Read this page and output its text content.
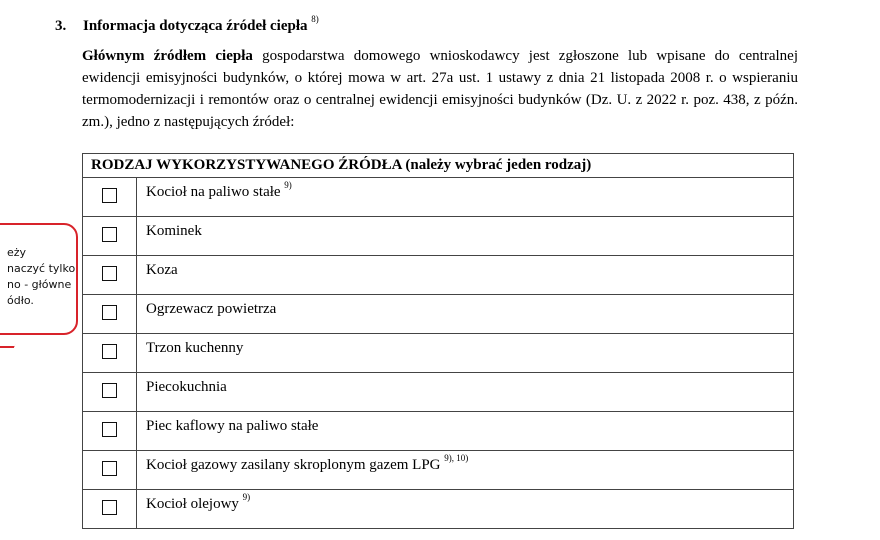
3. Informacja dotycząca źródeł ciepła $^{8)}$
Głównym źródłem ciepła gospodarstwa domowego wnioskodawcy jest zgłoszone lub wpisane do centralnej ewidencji emisyjności budynków, o której mowa w art. 27a ust. 1 ustawy z dnia 21 listopada 2008 r. o wspieraniu termomodernizacji i remontów oraz o centralnej ewidencji emisyjności budynków (Dz. U. z 2022 r. poz. 438, z późn. zm.), jedno z następujących źródeł:
RODZAJ WYKORZYSTYWANEGO ŹRÓDŁA (należy wybrać jeden rodzaj)	
	Kocioł na paliwo stałe $^{9)}$
	Kominek
	Koza
	Ogrzewacz powietrza
	Trzon kuchenny
	Piecokuchnia
	Piec kaflowy na paliwo stałe
	Kocioł gazowy zasilany skroplonym gazem LPG $^{9), 10)}$
	Kocioł olejowy $^{9)}$
eży
naczyć tylko
no - główne
ódło.
